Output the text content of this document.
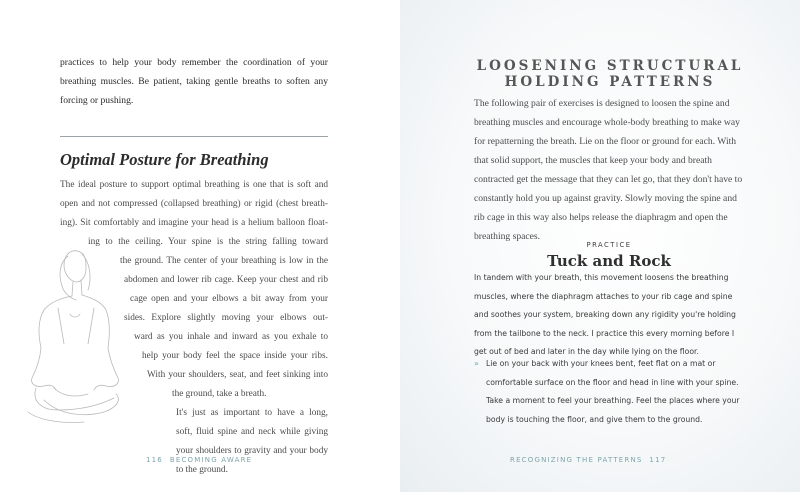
practices to help your body remember the coordination of your breathing muscles. Be patient, taking gentle breaths to soften any forcing or pushing.

Optimal Posture for Breathing
The ideal posture to support optimal breathing is one that is soft and
open and not compressed (collapsed breathing) or rigid (chest breath-
ing). Sit comfortably and imagine your head is a helium balloon float-
ing to the ceiling. Your spine is the string falling toward
the ground. The center of your breathing is low in the
abdomen and lower rib cage. Keep your chest and rib
cage open and your elbows a bit away from your
sides. Explore slightly moving your elbows out-
ward as you inhale and inward as you exhale to
help your body feel the space inside your ribs.
With your shoulders, seat, and feet sinking into
the ground, take a breath.
It's just as important to have a long,
soft, fluid spine and neck while giving
your shoulders to gravity and your body
to the ground.
116 BECOMING AWARE
LOOSENING STRUCTURAL
HOLDING PATTERNS

The following pair of exercises is designed to loosen the spine and breathing muscles and encourage whole-body breathing to make way for repatterning the breath. Lie on the floor or ground for each. With that solid support, the muscles that keep your body and breath contracted get the message that they can let go, that they don't have to constantly hold you up against gravity. Slowly moving the spine and rib cage in this way also helps release the diaphragm and open the breathing spaces.

PRACTICE
Tuck and Rock

In tandem with your breath, this movement loosens the breathing muscles, where the diaphragm attaches to your rib cage and spine and soothes your system, breaking down any rigidity you're holding from the tailbone to the neck. I practice this every morning before I get out of bed and later in the day while lying on the floor.

» Lie on your back with your knees bent, feet flat on a mat or comfortable surface on the floor and head in line with your spine. Take a moment to feel your breathing. Feel the places where your body is touching the floor, and give them to the ground.

RECOGNIZING THE PATTERNS 117
